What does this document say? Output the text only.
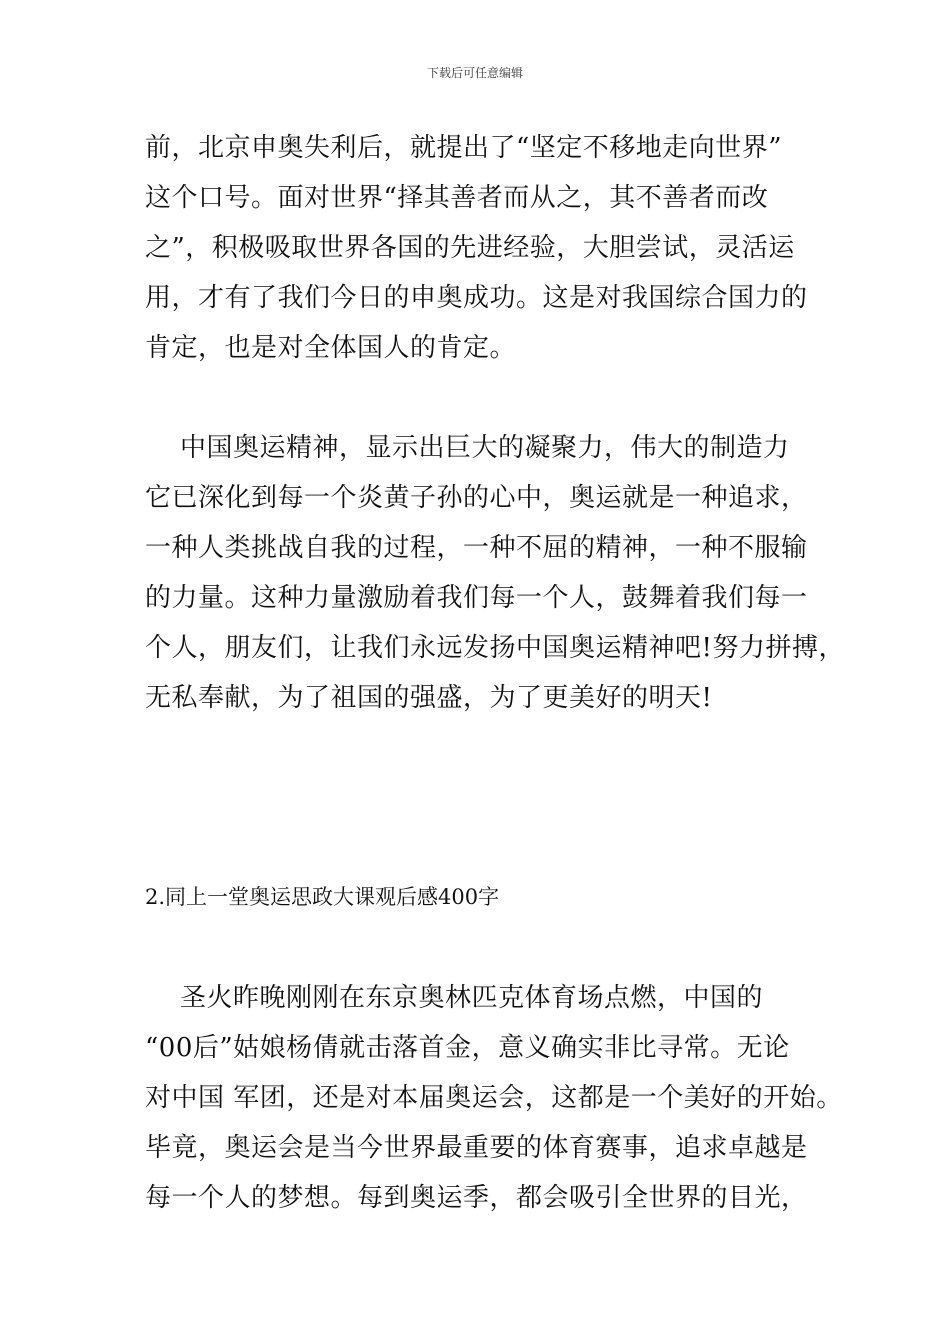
下载后可任意编辑
前，北京申奥失利后，就提出了“坚定不移地走向世界”
这个口号。面对世界“择其善者而从之，其不善者而改
之”，积极吸取世界各国的先进经验，大胆尝试，灵活运
用，才有了我们今日的申奥成功。这是对我国综合国力的
肯定，也是对全体国人的肯定。
中国奥运精神，显示出巨大的凝聚力，伟大的制造力
它已深化到每一个炎黄子孙的心中，奥运就是一种追求，
一种人类挑战自我的过程，一种不屈的精神，一种不服输
的力量。这种力量激励着我们每一个人，鼓舞着我们每一
个人，朋友们，让我们永远发扬中国奥运精神吧!努力拼搏，
无私奉献，为了祖国的强盛，为了更美好的明天!
2.同上一堂奥运思政大课观后感400字
圣火昨晚刚刚在东京奥林匹克体育场点燃，中国的
“00后”姑娘杨倩就击落首金，意义确实非比寻常。无论
对中国 军团，还是对本届奥运会，这都是一个美好的开始。
毕竟，奥运会是当今世界最重要的体育赛事，追求卓越是
每一个人的梦想。每到奥运季，都会吸引全世界的目光，
